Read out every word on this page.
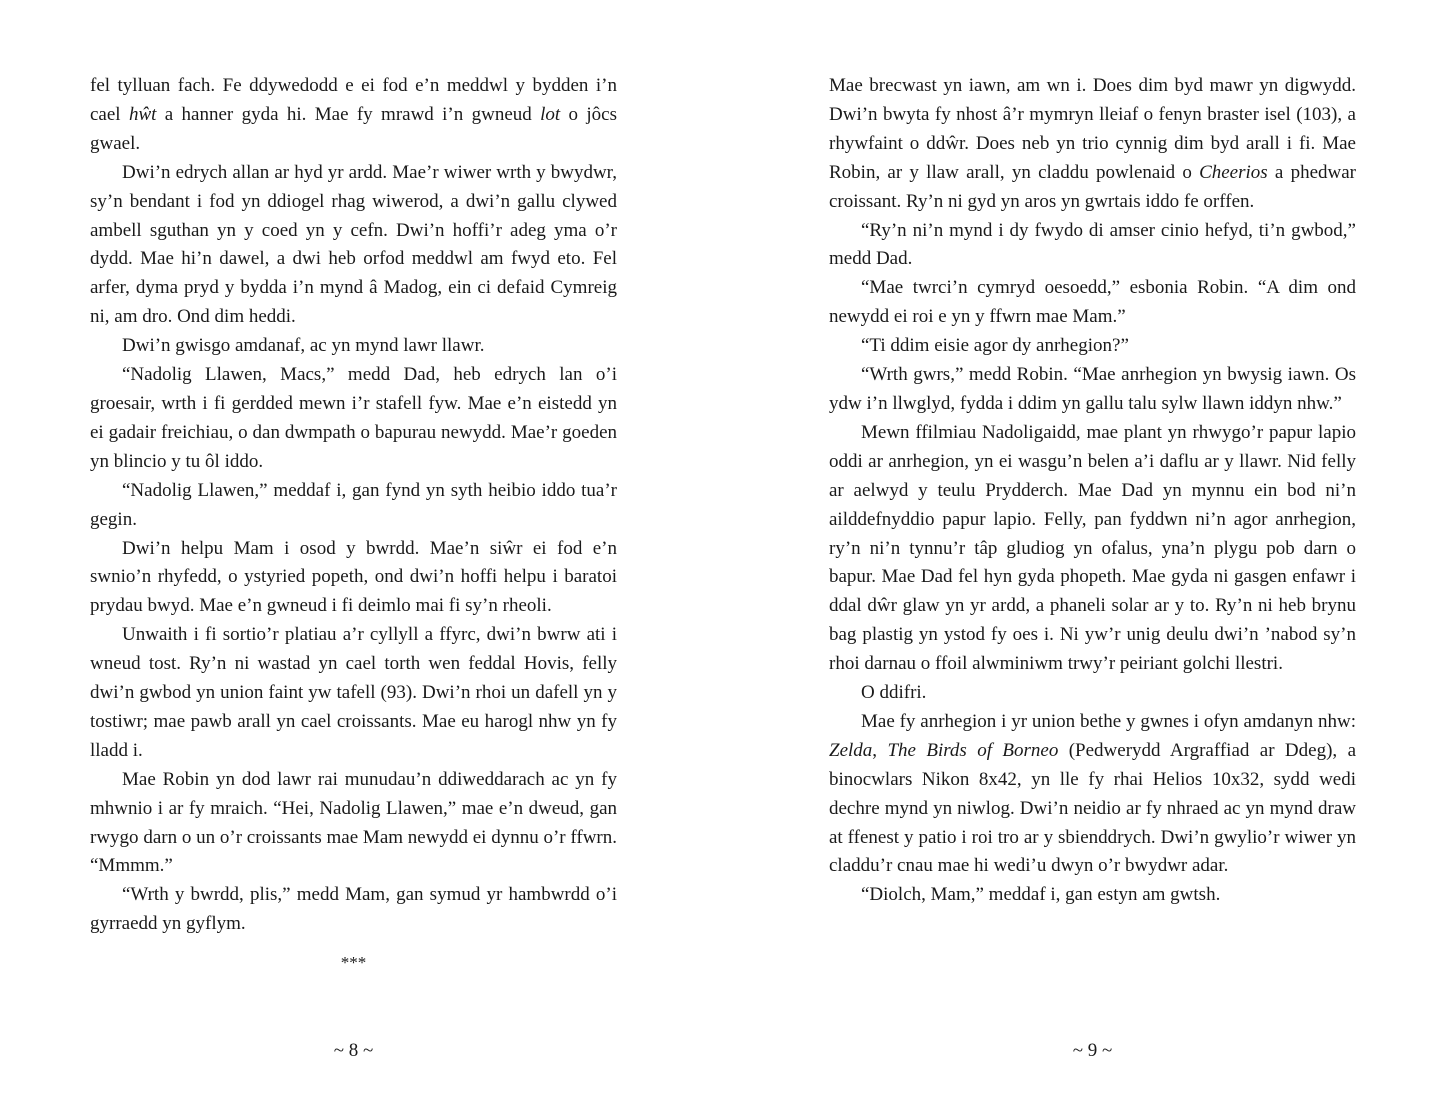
fel tylluan fach. Fe ddywedodd e ei fod e’n meddwl y bydden i’n cael hŵt a hanner gyda hi. Mae fy mrawd i’n gwneud lot o jôcs gwael.

Dwi’n edrych allan ar hyd yr ardd. Mae’r wiwer wrth y bwydwr, sy’n bendant i fod yn ddiogel rhag wiwerod, a dwi’n gallu clywed ambell sguthan yn y coed yn y cefn. Dwi’n hoffi’r adeg yma o’r dydd. Mae hi’n dawel, a dwi heb orfod meddwl am fwyd eto. Fel arfer, dyma pryd y bydda i’n mynd â Madog, ein ci defaid Cymreig ni, am dro. Ond dim heddi.

Dwi’n gwisgo amdanaf, ac yn mynd lawr llawr.

“Nadolig Llawen, Macs,” medd Dad, heb edrych lan o’i groesair, wrth i fi gerdded mewn i’r stafell fyw. Mae e’n eistedd yn ei gadair freichiau, o dan dwmpath o bapurau newydd. Mae’r goeden yn blincio y tu ôl iddo.

“Nadolig Llawen,” meddaf i, gan fynd yn syth heibio iddo tua’r gegin.

Dwi’n helpu Mam i osod y bwrdd. Mae’n siŵr ei fod e’n swnio’n rhyfedd, o ystyried popeth, ond dwi’n hoffi helpu i baratoi prydau bwyd. Mae e’n gwneud i fi deimlo mai fi sy’n rheoli.

Unwaith i fi sortio’r platiau a’r cyllyll a ffyrc, dwi’n bwrw ati i wneud tost. Ry’n ni wastad yn cael torth wen feddal Hovis, felly dwi’n gwbod yn union faint yw tafell (93). Dwi’n rhoi un dafell yn y tostiwr; mae pawb arall yn cael croissants. Mae eu harogl nhw yn fy lladd i.

Mae Robin yn dod lawr rai munudau’n ddiweddarach ac yn fy mhwnio i ar fy mraich. “Hei, Nadolig Llawen,” mae e’n dweud, gan rwygo darn o un o’r croissants mae Mam newydd ei dynnu o’r ffwrn. “Mmmm.”

“Wrth y bwrdd, plis,” medd Mam, gan symud yr hambwrdd o’i gyrraedd yn gyflym.

***
~ 8 ~

Mae brecwast yn iawn, am wn i. Does dim byd mawr yn digwydd. Dwi’n bwyta fy nhost â’r mymryn lleiaf o fenyn braster isel (103), a rhywfaint o ddŵr. Does neb yn trio cynnig dim byd arall i fi. Mae Robin, ar y llaw arall, yn claddu powlenaid o Cheerios a phedwar croissant. Ry’n ni gyd yn aros yn gwrtais iddo fe orffen.

“Ry’n ni’n mynd i dy fwydo di amser cinio hefyd, ti’n gwbod,” medd Dad.

“Mae twrci’n cymryd oesoedd,” esbonia Robin. “A dim ond newydd ei roi e yn y ffwrn mae Mam.”

“Ti ddim eisie agor dy anrhegion?”

“Wrth gwrs,” medd Robin. “Mae anrhegion yn bwysig iawn. Os ydw i’n llwglyd, fydda i ddim yn gallu talu sylw llawn iddyn nhw.”

Mewn ffilmiau Nadoligaidd, mae plant yn rhwygo’r papur lapio oddi ar anrhegion, yn ei wasgu’n belen a’i daflu ar y llawr. Nid felly ar aelwyd y teulu Prydderch. Mae Dad yn mynnu ein bod ni’n ailddefnyddio papur lapio. Felly, pan fyddwn ni’n agor anrhegion, ry’n ni’n tynnu’r tâp gludiog yn ofalus, yna’n plygu pob darn o bapur. Mae Dad fel hyn gyda phopeth. Mae gyda ni gasgen enfawr i ddal dŵr glaw yn yr ardd, a phaneli solar ar y to. Ry’n ni heb brynu bag plastig yn ystod fy oes i. Ni yw’r unig deulu dwi’n ’nabod sy’n rhoi darnau o ffoil alwminiwm trwy’r peiriant golchi llestri.

O ddifri.

Mae fy anrhegion i yr union bethe y gwnes i ofyn amdanyn nhw: Zelda, The Birds of Borneo (Pedwerydd Argraffiad ar Ddeg), a binocwlars Nikon 8x42, yn lle fy rhai Helios 10x32, sydd wedi dechre mynd yn niwlog. Dwi’n neidio ar fy nhraed ac yn mynd draw at ffenest y patio i roi tro ar y sbienddrych. Dwi’n gwylio’r wiwer yn claddu’r cnau mae hi wedi’u dwyn o’r bwydwr adar.

“Diolch, Mam,” meddaf i, gan estyn am gwtsh.

~ 9 ~
